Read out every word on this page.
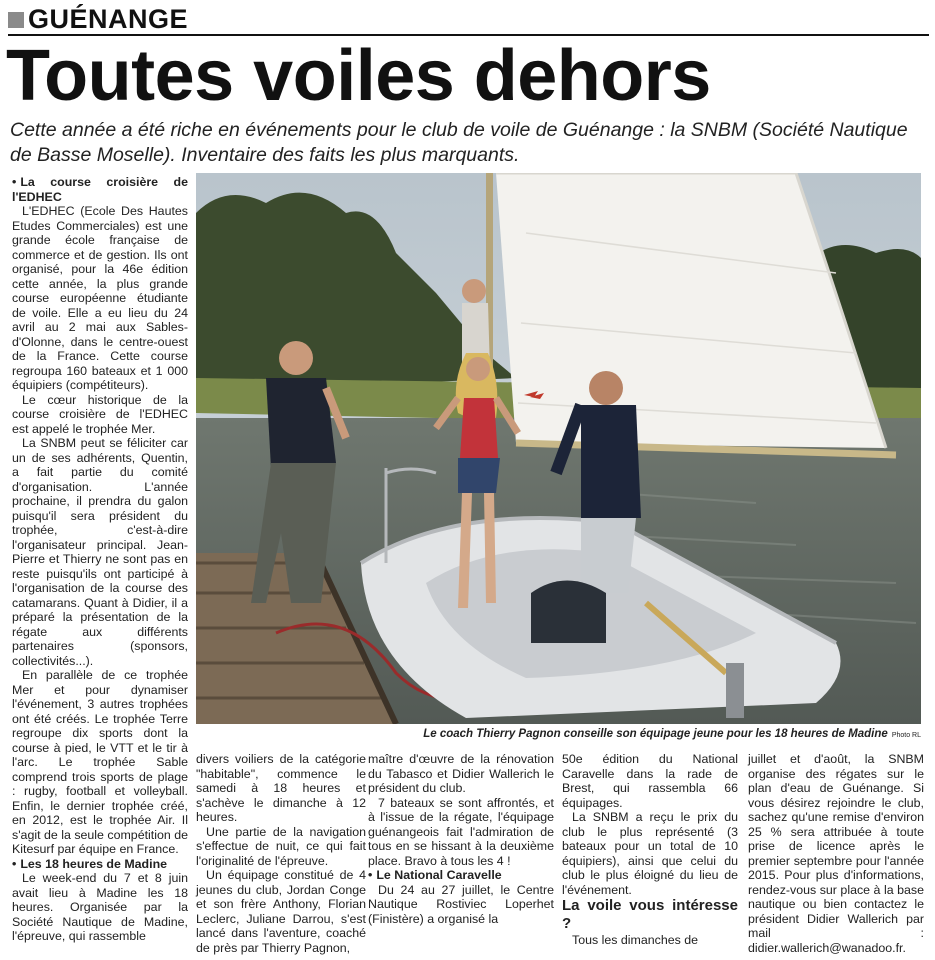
GUÉNANGE
Toutes voiles dehors
Cette année a été riche en événements pour le club de voile de Guénange : la SNBM (Société Nautique de Basse Moselle). Inventaire des faits les plus marquants.

• La course croisière de l'EDHEC

L'EDHEC (Ecole Des Hautes Etudes Commerciales) est une grande école française de commerce et de gestion. Ils ont organisé, pour la 46e édition cette année, la plus grande course européenne étudiante de voile. Elle a eu lieu du 24 avril au 2 mai aux Sables-d'Olonne, dans le centre-ouest de la France. Cette course regroupa 160 bateaux et 1 000 équipiers (compétiteurs).

Le cœur historique de la course croisière de l'EDHEC est appelé le trophée Mer.

La SNBM peut se féliciter car un de ses adhérents, Quentin, a fait partie du comité d'organisation. L'année prochaine, il prendra du galon puisqu'il sera président du trophée, c'est-à-dire l'organisateur principal. Jean-Pierre et Thierry ne sont pas en reste puisqu'ils ont participé à l'organisation de la course des catamarans. Quant à Didier, il a préparé la présentation de la régate aux différents partenaires (sponsors, collectivités...).

En parallèle de ce trophée Mer et pour dynamiser l'événement, 3 autres trophées ont été créés. Le trophée Terre regroupe dix sports dont la course à pied, le VTT et le tir à l'arc. Le trophée Sable comprend trois sports de plage : rugby, football et volleyball. Enfin, le dernier trophée créé, en 2012, est le trophée Air. Il s'agit de la seule compétition de Kitesurf par équipe en France.

• Les 18 heures de Madine

Le week-end du 7 et 8 juin avait lieu à Madine les 18 heures. Organisée par la Société Nautique de Madine, l'épreuve, qui rassemble

Le coach Thierry Pagnon conseille son équipage jeune pour les 18 heures de Madine Photo RL

divers voiliers de la catégorie "habitable", commence le samedi à 18 heures et s'achève le dimanche à 12 heures.

Une partie de la navigation s'effectue de nuit, ce qui fait l'originalité de l'épreuve.

Un équipage constitué de 4 jeunes du club, Jordan Conge et son frère Anthony, Florian Leclerc, Juliane Darrou, s'est lancé dans l'aventure, coaché de près par Thierry Pagnon,

maître d'œuvre de la rénovation du Tabasco et Didier Wallerich le président du club.

7 bateaux se sont affrontés, et à l'issue de la régate, l'équipage guénangeois fait l'admiration de tous en se hissant à la deuxième place. Bravo à tous les 4 !

• Le National Caravelle

Du 24 au 27 juillet, le Centre Nautique Rostiviec Loperhet (Finistère) a organisé la

50e édition du National Caravelle dans la rade de Brest, qui rassembla 66 équipages.

La SNBM a reçu le prix du club le plus représenté (3 bateaux pour un total de 10 équipiers), ainsi que celui du club le plus éloigné du lieu de l'événement.

La voile vous intéresse ?

Tous les dimanches de

juillet et d'août, la SNBM organise des régates sur le plan d'eau de Guénange. Si vous désirez rejoindre le club, sachez qu'une remise d'environ 25 % sera attribuée à toute prise de licence après le premier septembre pour l'année 2015. Pour plus d'informations, rendez-vous sur place à la base nautique ou bien contactez le président Didier Wallerich par mail : didier.wallerich@wanadoo.fr.
